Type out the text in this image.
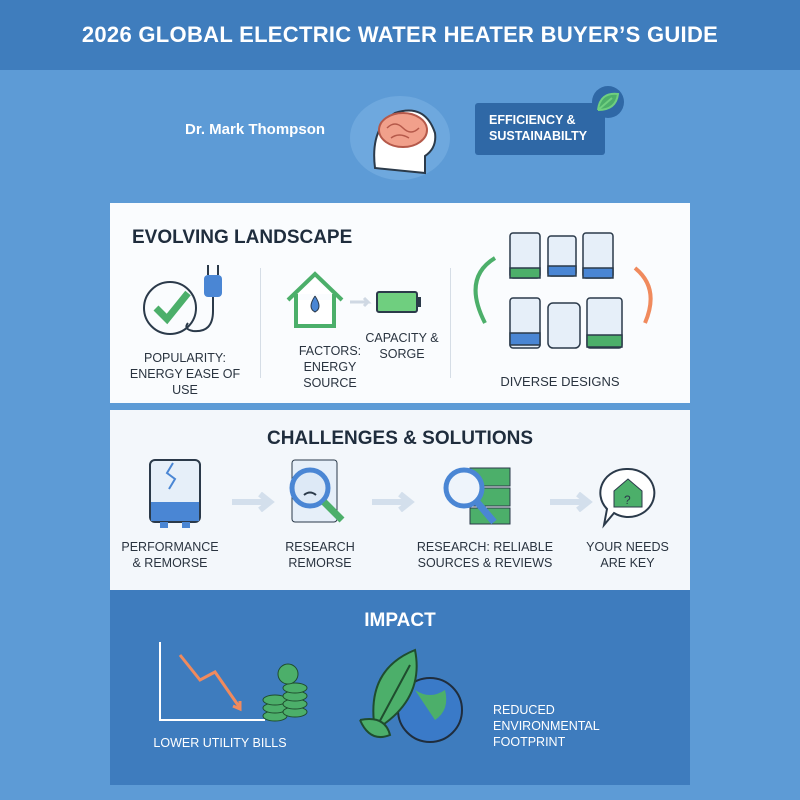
2026 GLOBAL ELECTRIC WATER HEATER BUYER’S GUIDE
Dr. Mark Thompson
EFFICIENCY & SUSTAINABILTY
EVOLVING LANDSCAPE
POPULARITY: ENERGY EASE OF USE
FACTORS: ENERGY SOURCE
CAPACITY & SORGE
DIVERSE DESIGNS
CHALLENGES & SOLUTIONS
?
PERFORMANCE & REMORSE
RESEARCH REMORSE
RESEARCH: RELIABLE SOURCES & REVIEWS
YOUR NEEDS ARE KEY
IMPACT
LOWER UTILITY BILLS
REDUCED ENVIRONMENTAL FOOTPRINT
